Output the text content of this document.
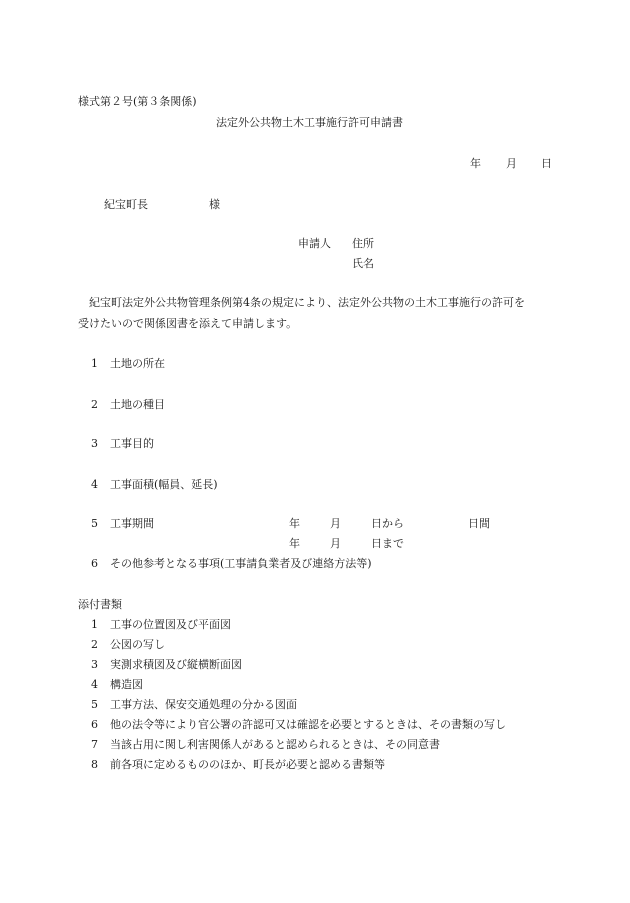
様式第２号(第３条関係)
法定外公共物土木工事施行許可申請書
年 月 日
紀宝町長	様
申請人 住所
氏名
紀宝町法定外公共物管理条例第4条の規定により、法定外公共物の土木工事施行の許可を
受けたいので関係図書を添えて申請します。
1 土地の所在
2 土地の種目
3 工事目的
4 工事面積(幅員、延長)
5 工事期間	年	月	日から	日間
年	月	日まで
6 その他参考となる事項(工事請負業者及び連絡方法等)
添付書類
1 工事の位置図及び平面図
2 公図の写し
3 実測求積図及び縦横断面図
4 構造図
5 工事方法、保安交通処理の分かる図面
6 他の法令等により官公署の許認可又は確認を必要とするときは、その書類の写し
7 当該占用に関し利害関係人があると認められるときは、その同意書
8 前各項に定めるもののほか、町長が必要と認める書類等
